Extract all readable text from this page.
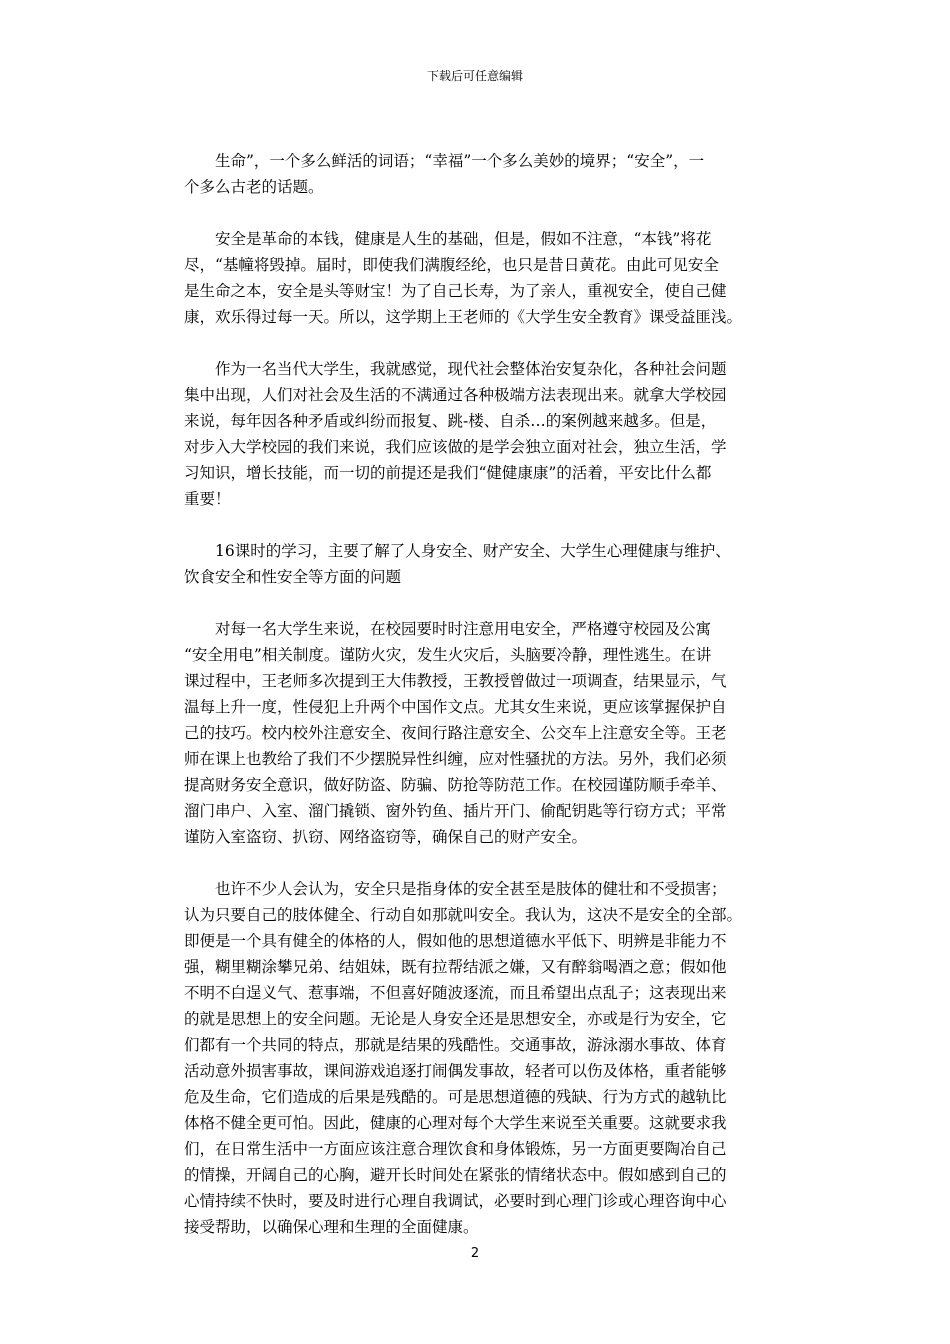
下载后可任意编辑

　　生命”，一个多么鲜活的词语；“幸福”一个多么美妙的境界；“安全”，一
个多么古老的话题。

　　安全是革命的本钱，健康是人生的基础，但是，假如不注意，“本钱”将花
尽，“基幢将毁掉。届时，即使我们满腹经纶，也只是昔日黄花。由此可见安全
是生命之本，安全是头等财宝！为了自己长寿，为了亲人，重视安全，使自己健
康，欢乐得过每一天。所以，这学期上王老师的《大学生安全教育》课受益匪浅。

　　作为一名当代大学生，我就感觉，现代社会整体治安复杂化，各种社会问题
集中出现，人们对社会及生活的不满通过各种极端方法表现出来。就拿大学校园
来说，每年因各种矛盾或纠纷而报复、跳-楼、自杀…的案例越来越多。但是，
对步入大学校园的我们来说，我们应该做的是学会独立面对社会，独立生活，学
习知识，增长技能，而一切的前提还是我们“健健康康”的活着，平安比什么都
重要！

　　16课时的学习，主要了解了人身安全、财产安全、大学生心理健康与维护、
饮食安全和性安全等方面的问题

　　对每一名大学生来说，在校园要时时注意用电安全，严格遵守校园及公寓
“安全用电”相关制度。谨防火灾，发生火灾后，头脑要冷静，理性逃生。在讲
课过程中，王老师多次提到王大伟教授，王教授曾做过一项调查，结果显示，气
温每上升一度，性侵犯上升两个中国作文点。尤其女生来说，更应该掌握保护自
己的技巧。校内校外注意安全、夜间行路注意安全、公交车上注意安全等。王老
师在课上也教给了我们不少摆脱异性纠缠，应对性骚扰的方法。另外，我们必须
提高财务安全意识，做好防盗、防骗、防抢等防范工作。在校园谨防顺手牵羊、
溜门串户、入室、溜门撬锁、窗外钓鱼、插片开门、偷配钥匙等行窃方式；平常
谨防入室盗窃、扒窃、网络盗窃等，确保自己的财产安全。

　　也许不少人会认为，安全只是指身体的安全甚至是肢体的健壮和不受损害；
认为只要自己的肢体健全、行动自如那就叫安全。我认为，这决不是安全的全部。
即便是一个具有健全的体格的人，假如他的思想道德水平低下、明辨是非能力不
强，糊里糊涂攀兄弟、结姐妹，既有拉帮结派之嫌，又有醉翁喝酒之意；假如他
不明不白逞义气、惹事端，不但喜好随波逐流，而且希望出点乱子；这表现出来
的就是思想上的安全问题。无论是人身安全还是思想安全，亦或是行为安全，它
们都有一个共同的特点，那就是结果的残酷性。交通事故，游泳溺水事故、体育
活动意外损害事故，课间游戏追逐打闹偶发事故，轻者可以伤及体格，重者能够
危及生命，它们造成的后果是残酷的。可是思想道德的残缺、行为方式的越轨比
体格不健全更可怕。因此，健康的心理对每个大学生来说至关重要。这就要求我
们，在日常生活中一方面应该注意合理饮食和身体锻炼，另一方面更要陶冶自己
的情操，开阔自己的心胸，避开长时间处在紧张的情绪状态中。假如感到自己的
心情持续不快时，要及时进行心理自我调试，必要时到心理门诊或心理咨询中心
接受帮助，以确保心理和生理的全面健康。

2
